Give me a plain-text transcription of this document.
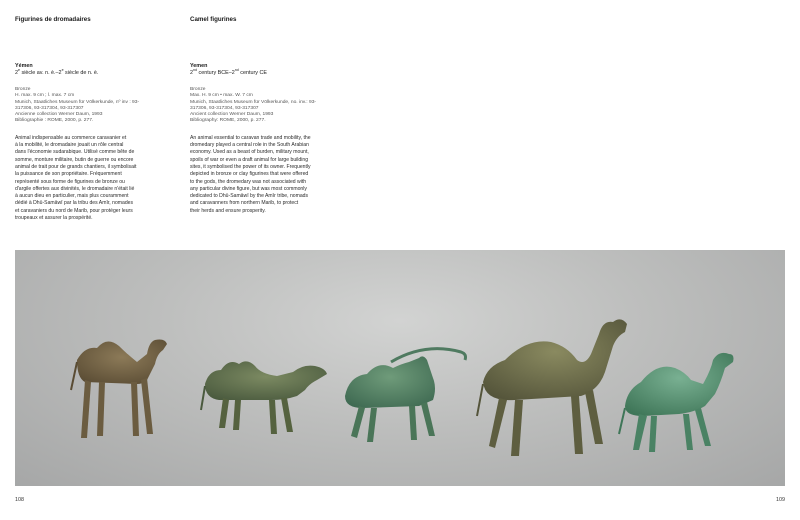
Figurines de dromadaires

Yémen
2e siècle av. n. è.–2e siècle de n. è.
Bronze
H. max. 9 cm ; l. max. 7 cm
Munich, Staatliches Museum für Völkerkunde, nº inv : 93-
317306, 93-317304, 93-317307
Ancienne collection Werner Daum, 1993
Bibliographie : ROME, 2000, p. 277.
Animal indispensable au commerce caravanier et
à la mobilité, le dromadaire jouait un rôle central
dans l'économie sudarabique. Utilisé comme bête de
somme, monture militaire, butin de guerre ou encore
animal de trait pour de grands chantiers, il symbolisait
la puissance de son propriétaire. Fréquemment
représenté sous forme de figurines de bronze ou
d'argile offertes aux divinités, le dromadaire n'était lié
à aucun dieu en particulier, mais plus couramment
dédié à Dhū-Samāwī par la tribu des Amīr, nomades
et caravaniers du nord de Marib, pour protéger leurs
troupeaux et assurer la prospérité.

Camel figurines

Yemen
2nd century BCE–2nd century CE
Bronze
Max. H. 9 cm • max. W. 7 cm
Munich, Staatliches Museum für Völkerkunde, no. inv.: 93-
317306, 93-317304, 93-317307
Ancient collection Werner Daum, 1993
Bibliography: ROME, 2000, p. 277.
An animal essential to caravan trade and mobility, the
dromedary played a central role in the South Arabian
economy. Used as a beast of burden, military mount,
spoils of war or even a draft animal for large building
sites, it symbolised the power of its owner. Frequently
depicted in bronze or clay figurines that were offered
to the gods, the dromedary was not associated with
any particular divine figure, but was most commonly
dedicated to Dhū-Samāwī by the Amīr tribe, nomads
and caravanners from northern Marib, to protect
their herds and ensure prosperity.
108	109
